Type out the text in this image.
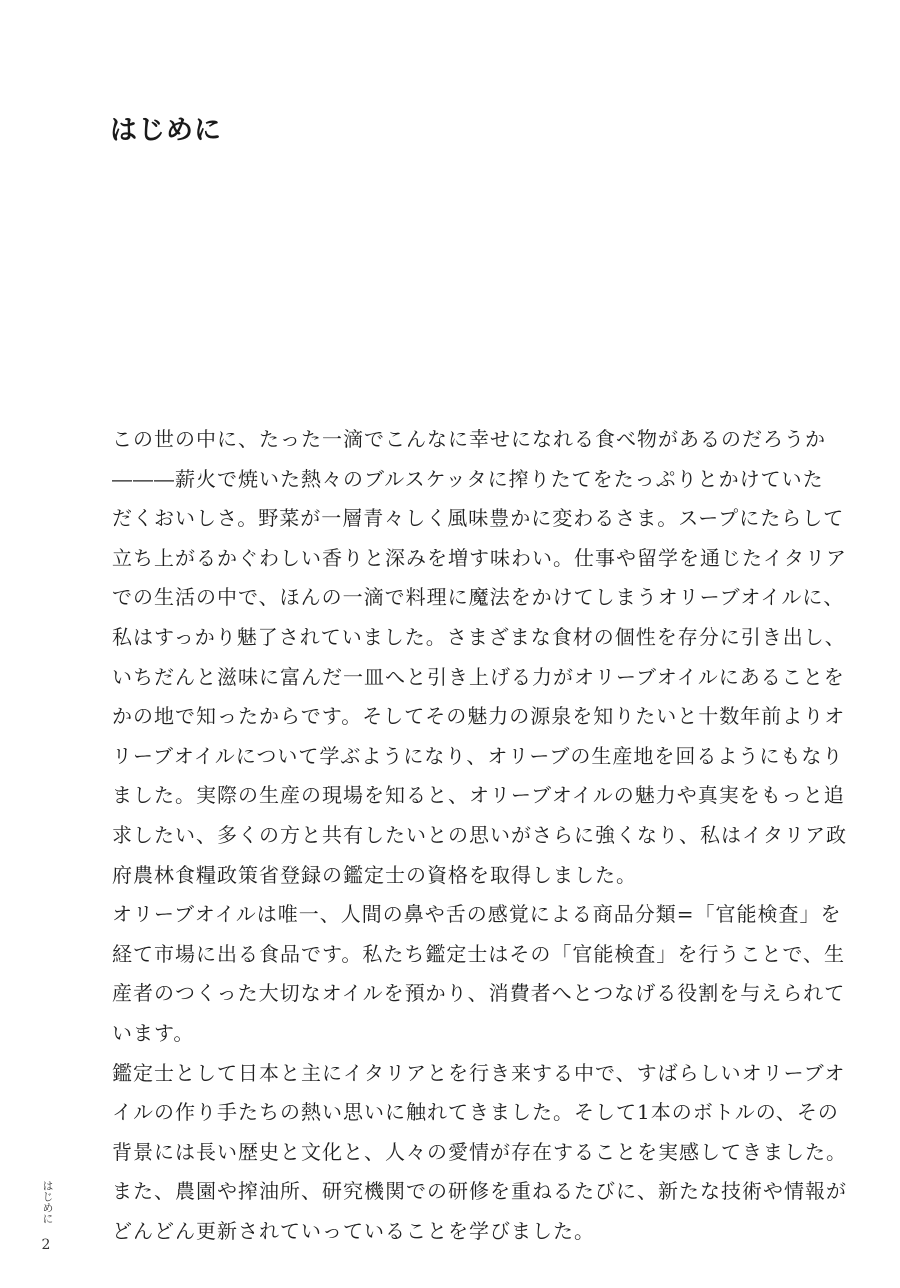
はじめに
この世の中に、たった一滴でこんなに幸せになれる食べ物があるのだろうか
―――薪火で焼いた熱々のブルスケッタに搾りたてをたっぷりとかけていた
だくおいしさ。野菜が一層青々しく風味豊かに変わるさま。スープにたらして
立ち上がるかぐわしい香りと深みを増す味わい。仕事や留学を通じたイタリア
での生活の中で、ほんの一滴で料理に魔法をかけてしまうオリーブオイルに、
私はすっかり魅了されていました。さまざまな食材の個性を存分に引き出し、
いちだんと滋味に富んだ一皿へと引き上げる力がオリーブオイルにあることを
かの地で知ったからです。そしてその魅力の源泉を知りたいと十数年前よりオ
リーブオイルについて学ぶようになり、オリーブの生産地を回るようにもなり
ました。実際の生産の現場を知ると、オリーブオイルの魅力や真実をもっと追
求したい、多くの方と共有したいとの思いがさらに強くなり、私はイタリア政
府農林食糧政策省登録の鑑定士の資格を取得しました。
オリーブオイルは唯一、人間の鼻や舌の感覚による商品分類=「官能検査」を
経て市場に出る食品です。私たち鑑定士はその「官能検査」を行うことで、生
産者のつくった大切なオイルを預かり、消費者へとつなげる役割を与えられて
います。
鑑定士として日本と主にイタリアとを行き来する中で、すばらしいオリーブオ
イルの作り手たちの熱い思いに触れてきました。そして1本のボトルの、その
背景には長い歴史と文化と、人々の愛情が存在することを実感してきました。
また、農園や搾油所、研究機関での研修を重ねるたびに、新たな技術や情報が
どんどん更新されていっていることを学びました。
はじめに
2
